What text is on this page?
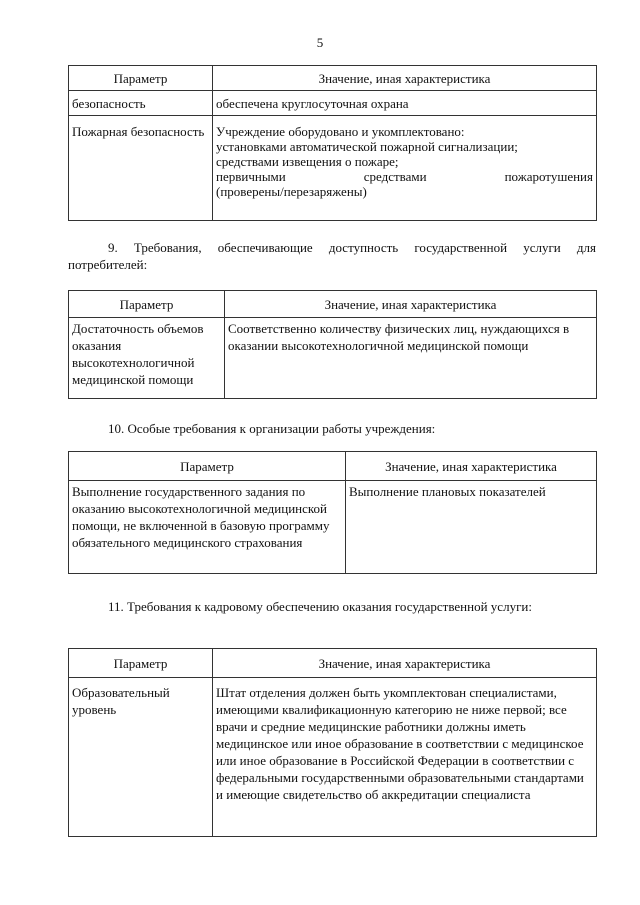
5
Параметр	Значение, иная характеристика
безопасность	обеспечена круглосуточная охрана
Пожарная безопасность	Учреждение оборудовано и укомплектовано:
установками автоматической пожарной сигнализации;
средствами извещения о пожаре;
первичными средствами пожаротушения
(проверены/перезаряжены)
9. Требования, обеспечивающие доступность государственной услуги для потребителей:
Параметр	Значение, иная характеристика
Достаточность объемов оказания высокотехнологичной медицинской помощи	Соответственно количеству физических лиц, нуждающихся в оказании высокотехнологичной медицинской помощи
10. Особые требования к организации работы учреждения:
Параметр	Значение, иная характеристика
Выполнение государственного задания по оказанию высокотехнологичной медицинской помощи, не включенной в базовую программу обязательного медицинского страхования	Выполнение плановых показателей
11. Требования к кадровому обеспечению оказания государственной услуги:
Параметр	Значение, иная характеристика
Образовательный уровень	Штат отделения должен быть укомплектован специалистами, имеющими квалификационную категорию не ниже первой; все врачи и средние медицинские работники должны иметь медицинское или иное образование в соответствии с медицинское или иное образование в Российской Федерации в соответствии с федеральными государственными образовательными стандартами и имеющие свидетельство об аккредитации специалиста
